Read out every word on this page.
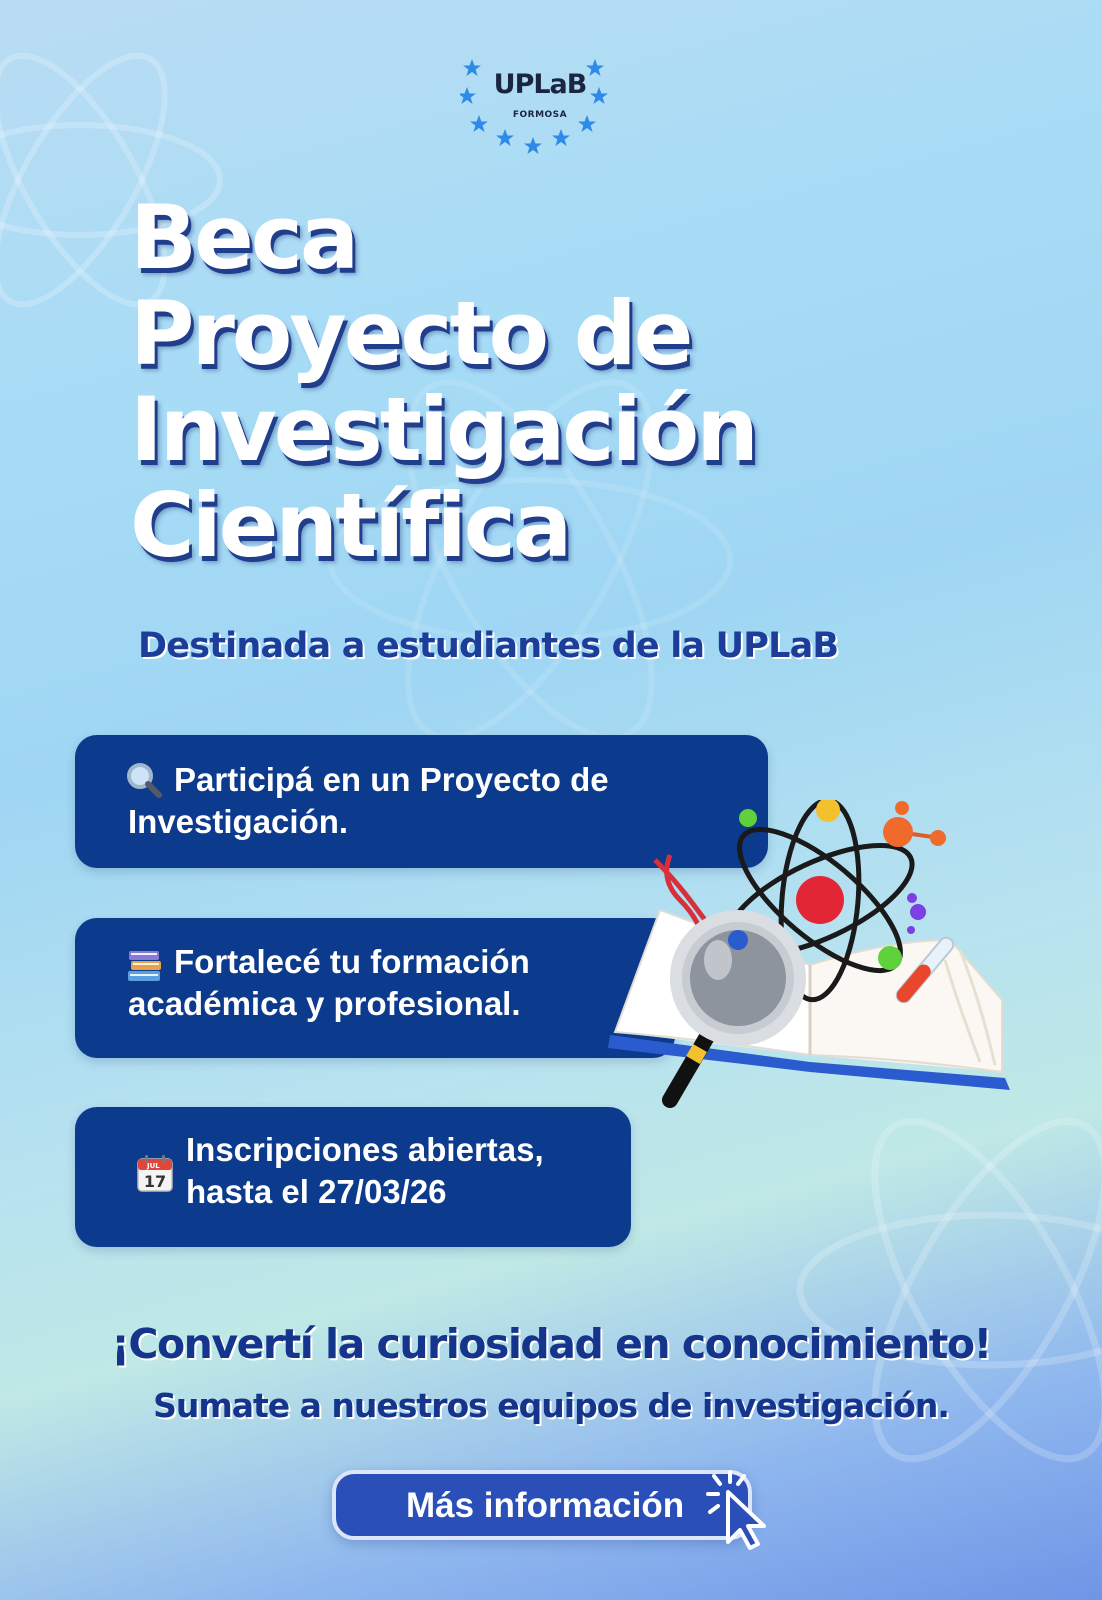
UPLaB
FORMOSA
Beca
Proyecto de
Investigación
Científica

Destinada a estudiantes de la UPLaB

Participá en un Proyecto de
Investigación.
Fortalecé tu formación
académica y profesional.
JUL
17
Inscripciones abiertas,
hasta el 27/03/26

¡Convertí la curiosidad en conocimiento!

Sumate a nuestros equipos de investigación.

Más información
